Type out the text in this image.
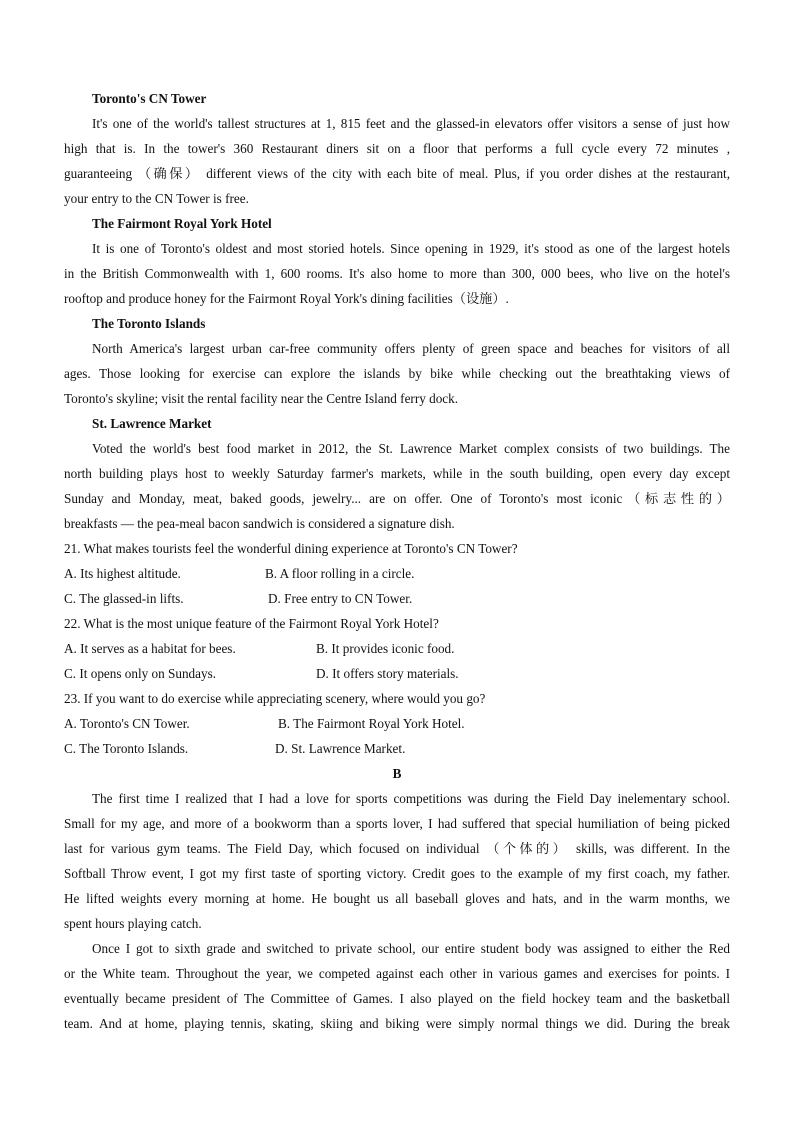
Toronto's CN Tower
It's one of the world's tallest structures at 1, 815 feet and the glassed-in elevators offer visitors a sense of just how
high that is. In the tower's 360 Restaurant diners sit on a floor that performs a full cycle every 72 minutes ,
guaranteeing （确保） different views of the city with each bite of meal. Plus, if you order dishes at the restaurant,
your entry to the CN Tower is free.
The Fairmont Royal York Hotel
It is one of Toronto's oldest and most storied hotels. Since opening in 1929, it's stood as one of the largest hotels
in the British Commonwealth with 1, 600 rooms. It's also home to more than 300, 000 bees, who live on the hotel's
rooftop and produce honey for the Fairmont Royal York's dining facilities（设施）.
The Toronto Islands
North America's largest urban car-free community offers plenty of green space and beaches for visitors of all
ages. Those looking for exercise can explore the islands by bike while checking out the breathtaking views of
Toronto's skyline; visit the rental facility near the Centre Island ferry dock.
St. Lawrence Market
Voted the world's best food market in 2012, the St. Lawrence Market complex consists of two buildings. The
north building plays host to weekly Saturday farmer's markets, while in the south building, open every day except
Sunday and Monday, meat, baked goods, jewelry... are on offer. One of Toronto's most iconic（标志性的）
breakfasts — the pea-meal bacon sandwich is considered a signature dish.
21. What makes tourists feel the wonderful dining experience at Toronto's CN Tower?
A. Its highest altitude.	B. A floor rolling in a circle.
C. The glassed-in lifts.	D. Free entry to CN Tower.
22. What is the most unique feature of the Fairmont Royal York Hotel?
A. It serves as a habitat for bees.	B. It provides iconic food.
C. It opens only on Sundays.	D. It offers story materials.
23. If you want to do exercise while appreciating scenery, where would you go?
A. Toronto's CN Tower.	B. The Fairmont Royal York Hotel.
C. The Toronto Islands.	D. St. Lawrence Market.
B
The first time I realized that I had a love for sports competitions was during the Field Day inelementary school.
Small for my age, and more of a bookworm than a sports lover, I had suffered that special humiliation of being picked
last for various gym teams. The Field Day, which focused on individual （个体的） skills, was different. In the
Softball Throw event, I got my first taste of sporting victory. Credit goes to the example of my first coach, my father.
He lifted weights every morning at home. He bought us all baseball gloves and hats, and in the warm months, we
spent hours playing catch.
Once I got to sixth grade and switched to private school, our entire student body was assigned to either the Red
or the White team. Throughout the year, we competed against each other in various games and exercises for points. I
eventually became president of The Committee of Games. I also played on the field hockey team and the basketball
team. And at home, playing tennis, skating, skiing and biking were simply normal things we did. During the break
